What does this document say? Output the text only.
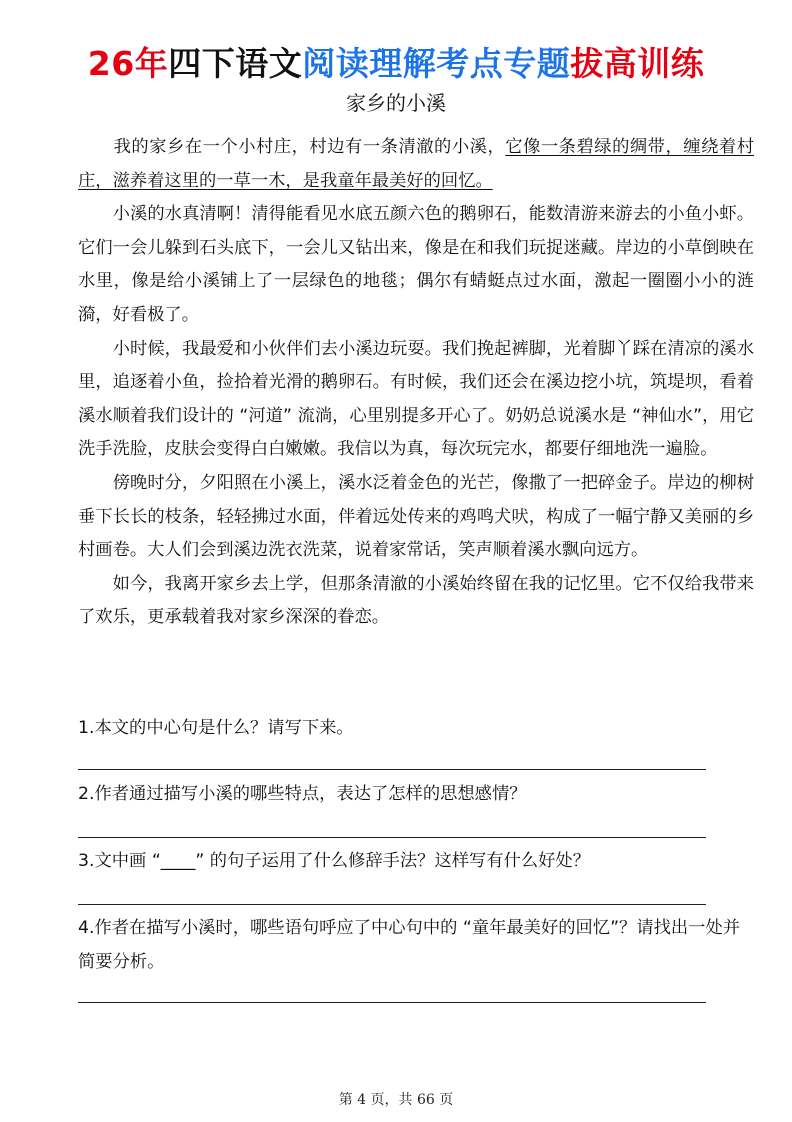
26年四下语文阅读理解考点专题拔高训练
家乡的小溪

　　我的家乡在一个小村庄，村边有一条清澈的小溪，它像一条碧绿的绸带，缠绕着村庄，滋养着这里的一草一木，是我童年最美好的回忆。

　　小溪的水真清啊！清得能看见水底五颜六色的鹅卵石，能数清游来游去的小鱼小虾。它们一会儿躲到石头底下，一会儿又钻出来，像是在和我们玩捉迷藏。岸边的小草倒映在水里，像是给小溪铺上了一层绿色的地毯；偶尔有蜻蜓点过水面，激起一圈圈小小的涟漪，好看极了。

　　小时候，我最爱和小伙伴们去小溪边玩耍。我们挽起裤脚，光着脚丫踩在清凉的溪水里，追逐着小鱼，捡拾着光滑的鹅卵石。有时候，我们还会在溪边挖小坑，筑堤坝，看着溪水顺着我们设计的 “河道” 流淌，心里别提多开心了。奶奶总说溪水是 “神仙水”，用它洗手洗脸，皮肤会变得白白嫩嫩。我信以为真，每次玩完水，都要仔细地洗一遍脸。

　　傍晚时分，夕阳照在小溪上，溪水泛着金色的光芒，像撒了一把碎金子。岸边的柳树垂下长长的枝条，轻轻拂过水面，伴着远处传来的鸡鸣犬吠，构成了一幅宁静又美丽的乡村画卷。大人们会到溪边洗衣洗菜，说着家常话，笑声顺着溪水飘向远方。

　　如今，我离开家乡去上学，但那条清澈的小溪始终留在我的记忆里。它不仅给我带来了欢乐，更承载着我对家乡深深的眷恋。

1.本文的中心句是什么？请写下来。
2.作者通过描写小溪的哪些特点，表达了怎样的思想感情？
3.文中画 “____” 的句子运用了什么修辞手法？这样写有什么好处？
4.作者在描写小溪时，哪些语句呼应了中心句中的 “童年最美好的回忆”？请找出一处并简要分析。
第 4 页，共 66 页
